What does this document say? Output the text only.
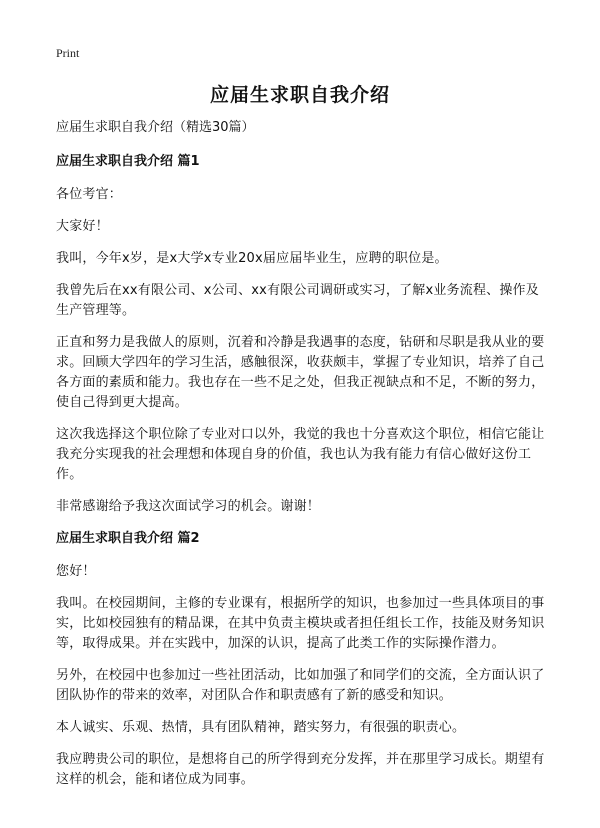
Print
应届生求职自我介绍
应届生求职自我介绍（精选30篇）
应届生求职自我介绍 篇1

各位考官：

大家好！

我叫，今年x岁，是x大学x专业20x届应届毕业生，应聘的职位是。

我曾先后在xx有限公司、x公司、xx有限公司调研或实习，了解x业务流程、操作及生产管理等。

正直和努力是我做人的原则，沉着和冷静是我遇事的态度，钻研和尽职是我从业的要求。回顾大学四年的学习生活，感触很深，收获颇丰，掌握了专业知识，培养了自己各方面的素质和能力。我也存在一些不足之处，但我正视缺点和不足，不断的努力，使自己得到更大提高。

这次我选择这个职位除了专业对口以外，我觉的我也十分喜欢这个职位，相信它能让我充分实现我的社会理想和体现自身的价值，我也认为我有能力有信心做好这份工作。

非常感谢给予我这次面试学习的机会。谢谢！

应届生求职自我介绍 篇2

您好！

我叫。在校园期间，主修的专业课有，根据所学的知识，也参加过一些具体项目的事实，比如校园独有的精品课，在其中负责主模块或者担任组长工作，技能及财务知识等，取得成果。并在实践中，加深的认识，提高了此类工作的实际操作潜力。

另外，在校园中也参加过一些社团活动，比如加强了和同学们的交流，全方面认识了团队协作的带来的效率，对团队合作和职责感有了新的感受和知识。

本人诚实、乐观、热情，具有团队精神，踏实努力，有很强的职责心。

我应聘贵公司的职位，是想将自己的所学得到充分发挥，并在那里学习成长。期望有这样的机会，能和诸位成为同事。
